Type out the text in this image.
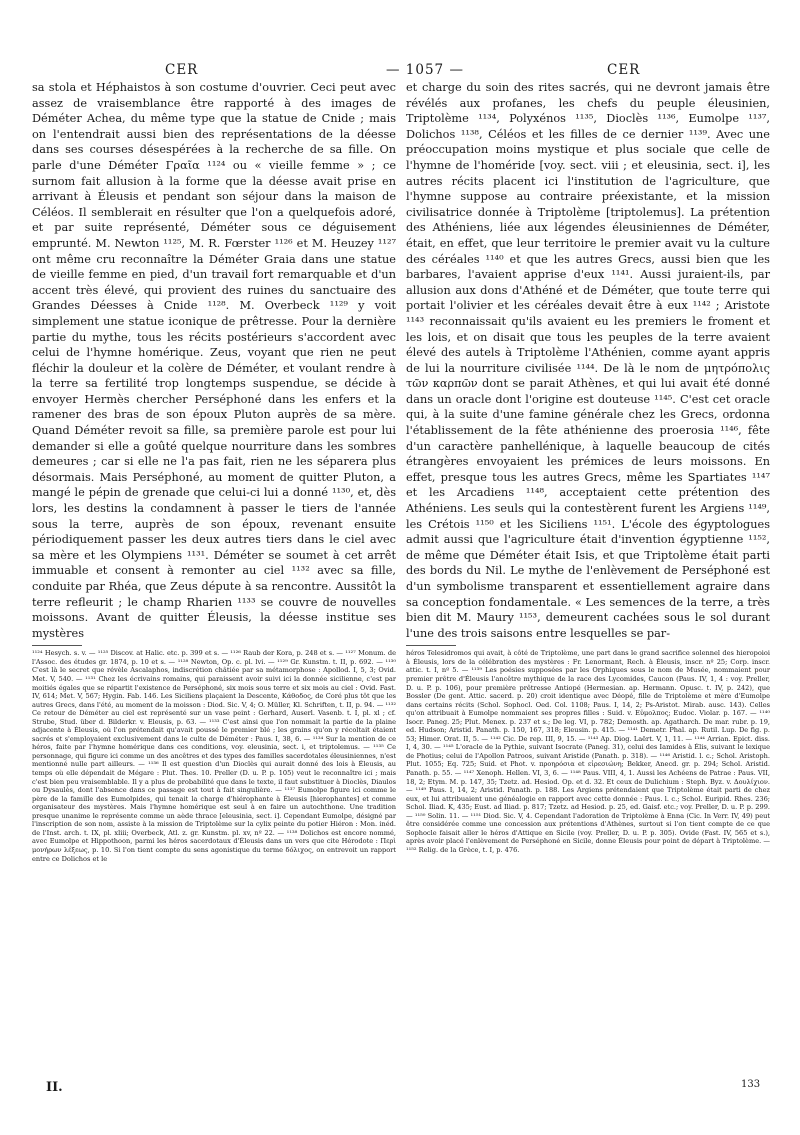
CER	— 1057 —	CER

sa stola et Héphaistos à son costume d'ouvrier. Ceci peut avec assez de vraisemblance être rapporté à des images de Déméter Achea, du même type que la statue de Cnide ; mais on l'entendrait aussi bien des représentations de la déesse dans ses courses désespérées à la recherche de sa fille. On parle d'une Déméter Γραῖα ¹¹²⁴ ou « vieille femme » ; ce surnom fait allusion à la forme que la déesse avait prise en arrivant à Éleusis et pendant son séjour dans la maison de Céléos. Il semblerait en résulter que l'on a quelquefois adoré, et par suite représenté, Déméter sous ce déguisement emprunté. M. Newton ¹¹²⁵, M. R. Fœrster ¹¹²⁶ et M. Heuzey ¹¹²⁷ ont même cru reconnaître la Déméter Graia dans une statue de vieille femme en pied, d'un travail fort remarquable et d'un accent très élevé, qui provient des ruines du sanctuaire des Grandes Déesses à Cnide ¹¹²⁸. M. Overbeck ¹¹²⁹ y voit simplement une statue iconique de prêtresse. Pour la dernière partie du mythe, tous les récits postérieurs s'accordent avec celui de l'hymne homérique. Zeus, voyant que rien ne peut fléchir la douleur et la colère de Déméter, et voulant rendre à la terre sa fertilité trop longtemps suspendue, se décide à envoyer Hermès chercher Perséphoné dans les enfers et la ramener des bras de son époux Pluton auprès de sa mère. Quand Déméter revoit sa fille, sa première parole est pour lui demander si elle a goûté quelque nourriture dans les sombres demeures ; car si elle ne l'a pas fait, rien ne les séparera plus désormais. Mais Perséphoné, au moment de quitter Pluton, a mangé le pépin de grenade que celui-ci lui a donné ¹¹³⁰, et, dès lors, les destins la condamnent à passer le tiers de l'année sous la terre, auprès de son époux, revenant ensuite périodiquement passer les deux autres tiers dans le ciel avec sa mère et les Olympiens ¹¹³¹. Déméter se soumet à cet arrêt immuable et consent à remonter au ciel ¹¹³² avec sa fille, conduite par Rhéa, que Zeus députe à sa rencontre. Aussitôt la terre refleurit ; le champ Rharien ¹¹³³ se couvre de nouvelles moissons. Avant de quitter Éleusis, la déesse institue ses mystères

¹¹²⁴ Hesych. s. v. — ¹¹²⁵ Discov. at Halic. etc. p. 399 et s. — ¹¹²⁶ Raub der Kora, p. 248 et s. — ¹¹²⁷ Monum. de l'Assoc. des études gr. 1874, p. 10 et s. — ¹¹²⁸ Newton, Op. c. pl. lvi. — ¹¹²⁹ Gr. Kunstm. t. II, p. 692. — ¹¹³⁰ C'est là le secret que révèle Ascalaphos, indiscrétion châtiée par sa métamorphose : Apollod. I, 5, 3; Ovid. Met. V, 540. — ¹¹³¹ Chez les écrivains romains, qui paraissent avoir suivi ici la donnée sicilienne, c'est par moitiés égales que se répartit l'existence de Perséphoné, six mois sous terre et six mois au ciel : Ovid. Fast. IV, 614; Met. V, 567; Hygin. Fab. 146. Les Siciliens plaçaient la Descente, Κάθοδος, de Coré plus tôt que les autres Grecs, dans l'été, au moment de la moisson : Diod. Sic. V, 4; O. Müller, Kl. Schriften, t. II, p. 94. — ¹¹³² Ce retour de Déméter au ciel est représenté sur un vase peint : Gerhard, Auserl. Vasenb. t. I, pl. xl ; cf. Strube, Stud. über d. Bilderkr. v. Eleusis, p. 63. — ¹¹³³ C'est ainsi que l'on nommait la partie de la plaine adjacente à Éleusis, où l'on prétendait qu'avait poussé le premier blé ; les grains qu'on y récoltait étaient sacrés et s'employaient exclusivement dans le culte de Déméter : Paus. I, 38, 6. — ¹¹³⁴ Sur la mention de ce héros, faite par l'hymne homérique dans ces conditions, voy. eleusinia, sect. i, et triptolemus. — ¹¹³⁵ Ce personnage, qui figure ici comme un des ancêtres et des types des familles sacerdotales éleusiniennes, n'est mentionné nulle part ailleurs. — ¹¹³⁶ Il est question d'un Dioclès qui aurait donné des lois à Éleusis, au temps où elle dépendait de Mégare : Plut. Thes. 10. Preller (D. u. P. p. 105) veut le reconnaître ici ; mais c'est bien peu vraisemblable. Il y a plus de probabilité que dans le texte, il faut substituer à Dioclès, Diaulos ou Dysaulès, dont l'absence dans ce passage est tout à fait singulière. — ¹¹³⁷ Eumolpe figure ici comme le père de la famille des Eumolpides, qui tenait la charge d'hiérophante à Éleusis [hierophantes] et comme organisateur des mystères. Mais l'hymne homérique est seul à en faire un autochthone. Une tradition presque unanime le représente comme un aède thrace [eleusinia, sect. i]. Cependant Eumolpe, désigné par l'inscription de son nom, assiste à la mission de Triptolème sur la cylix peinte du potier Hiéron : Mon. inéd. de l'Inst. arch. t. IX, pl. xliii; Overbeck, Atl. z. gr. Kunstm. pl. xv, nº 22. — ¹¹³⁸ Dolichos est encore nommé, avec Eumolpe et Hippothoon, parmi les héros sacerdotaux d'Éleusis dans un vers que cite Hérodote : Περὶ μονήρων λέξεως, p. 10. Si l'on tient compte du sens agonistique du terme δόλιχος, on entrevoit un rapport entre ce Dolichos et le

et charge du soin des rites sacrés, qui ne devront jamais être révélés aux profanes, les chefs du peuple éleusinien, Triptolème ¹¹³⁴, Polyxénos ¹¹³⁵, Dioclès ¹¹³⁶, Eumolpe ¹¹³⁷, Dolichos ¹¹³⁸, Céléos et les filles de ce dernier ¹¹³⁹. Avec une préoccupation moins mystique et plus sociale que celle de l'hymne de l'homéride [voy. sect. viii ; et eleusinia, sect. i], les autres récits placent ici l'institution de l'agriculture, que l'hymne suppose au contraire préexistante, et la mission civilisatrice donnée à Triptolème [triptolemus]. La prétention des Athéniens, liée aux légendes éleusiniennes de Déméter, était, en effet, que leur territoire le premier avait vu la culture des céréales ¹¹⁴⁰ et que les autres Grecs, aussi bien que les barbares, l'avaient apprise d'eux ¹¹⁴¹. Aussi juraient-ils, par allusion aux dons d'Athéné et de Déméter, que toute terre qui portait l'olivier et les céréales devait être à eux ¹¹⁴² ; Aristote ¹¹⁴³ reconnaissait qu'ils avaient eu les premiers le froment et les lois, et on disait que tous les peuples de la terre avaient élevé des autels à Triptolème l'Athénien, comme ayant appris de lui la nourriture civilisée ¹¹⁴⁴. De là le nom de μητρόπολις τῶν καρπῶν dont se parait Athènes, et qui lui avait été donné dans un oracle dont l'origine est douteuse ¹¹⁴⁵. C'est cet oracle qui, à la suite d'une famine générale chez les Grecs, ordonna l'établissement de la fête athénienne des proerosia ¹¹⁴⁶, fête d'un caractère panhellénique, à laquelle beaucoup de cités étrangères envoyaient les prémices de leurs moissons. En effet, presque tous les autres Grecs, même les Spartiates ¹¹⁴⁷ et les Arcadiens ¹¹⁴⁸, acceptaient cette prétention des Athéniens. Les seuls qui la contestèrent furent les Argiens ¹¹⁴⁹, les Crétois ¹¹⁵⁰ et les Siciliens ¹¹⁵¹. L'école des égyptologues admit aussi que l'agriculture était d'invention égyptienne ¹¹⁵², de même que Déméter était Isis, et que Triptolème était parti des bords du Nil. Le mythe de l'enlèvement de Perséphoné est d'un symbolisme transparent et essentiellement agraire dans sa conception fondamentale. « Les semences de la terre, a très bien dit M. Maury ¹¹⁵³, demeurent cachées sous le sol durant l'une des trois saisons entre lesquelles se par-

héros Telesidromos qui avait, à côté de Triptolème, une part dans le grand sacrifice solennel des hieropoioi à Éleusis, lors de la célébration des mystères : Fr. Lenormant, Rech. à Éleusis, inscr. nº 25; Corp. inscr. attic. t. I, nº 5. — ¹¹³⁹ Les poésies supposées par les Orphiques sous le nom de Musée, nommaient pour premier prêtre d'Éleusis l'ancêtre mythique de la race des Lycomides, Caucon (Paus. IV, 1, 4 : voy. Preller, D. u. P. p. 106), pour première prêtresse Antiopé (Hermesian. ap. Hermann. Opusc. t. IV, p. 242), que Bossler (De gent. Attic. sacerd. p. 20) croit identique avec Déopé, fille de Triptolème et mère d'Eumolpe dans certains récits (Schol. Sophocl. Oed. Col. 1108; Paus. I, 14, 2; Ps-Aristot. Mirab. ausc. 143). Celles qu'on attribuait à Eumolpe nommaient ses propres filles : Suid. v. Εὐμολπος; Eudoc. Violar. p. 167. — ¹¹⁴⁰ Isocr. Paneg. 25; Plut. Menex. p. 237 et s.; De leg. VI, p. 782; Demosth. ap. Agatharch. De mar. rubr. p. 19, ed. Hudson; Aristid. Panath. p. 150, 167, 318; Eleusin. p. 415. — ¹¹⁴¹ Demetr. Phal. ap. Rutil. Lup. De fig. p. 53; Himer. Orat. II, 5. — ¹¹⁴² Cic. De rep. III, 9, 15. — ¹¹⁴³ Ap. Diog. Laërt. V, 1, 11. — ¹¹⁴⁴ Arrian. Epict. diss. I, 4, 30. — ¹¹⁴⁵ L'oracle de la Pythie, suivant Isocrate (Paneg. 31), celui des Iamides à Élis, suivant le lexique de Photius; celui de l'Apollon Patroos, suivant Aristide (Panath. p. 318). — ¹¹⁴⁶ Aristid. l. c.; Schol. Aristoph. Plut. 1055; Eq. 725; Suid. et Phot. v. προηρόσια et εἰρεσιώνη; Bekker, Anecd. gr. p. 294; Schol. Aristid. Panath. p. 55. — ¹¹⁴⁷ Xenoph. Hellen. VI, 3, 6. — ¹¹⁴⁸ Paus. VIII, 4, 1. Aussi les Achéens de Patrae : Paus. VII, 18, 2; Etym. M. p. 147, 35; Tzetz. ad. Hesiod. Op. et d. 32. Et ceux de Dulichium : Steph. Byz. v. Δουλίχιον. — ¹¹⁴⁹ Paus. I, 14, 2; Aristid. Panath. p. 188. Les Argiens prétendaient que Triptolème était parti de chez eux, et lui attribuaient une généalogie en rapport avec cette donnée : Paus. l. c.; Schol. Euripid. Rhes. 236; Schol. Iliad. K, 435; Eust. ad Iliad. p. 817; Tzetz. ad Hesiod. p. 25, ed. Gaisf. etc.; voy. Preller, D. u. P. p. 299. — ¹¹⁵⁰ Solin. 11. — ¹¹⁵¹ Diod. Sic. V, 4. Cependant l'adoration de Triptolème à Enna (Cic. In Verr. IV, 49) peut être considérée comme une concession aux prétentions d'Athènes, surtout si l'on tient compte de ce que Sophocle faisait aller le héros d'Attique en Sicile (voy. Preller, D. u. P. p. 305). Ovide (Fast. IV, 565 et s.), après avoir placé l'enlèvement de Perséphoné en Sicile, donne Éleusis pour point de départ à Triptolème. — ¹¹⁵² Relig. de la Grèce, t. I, p. 476.

II.	133
